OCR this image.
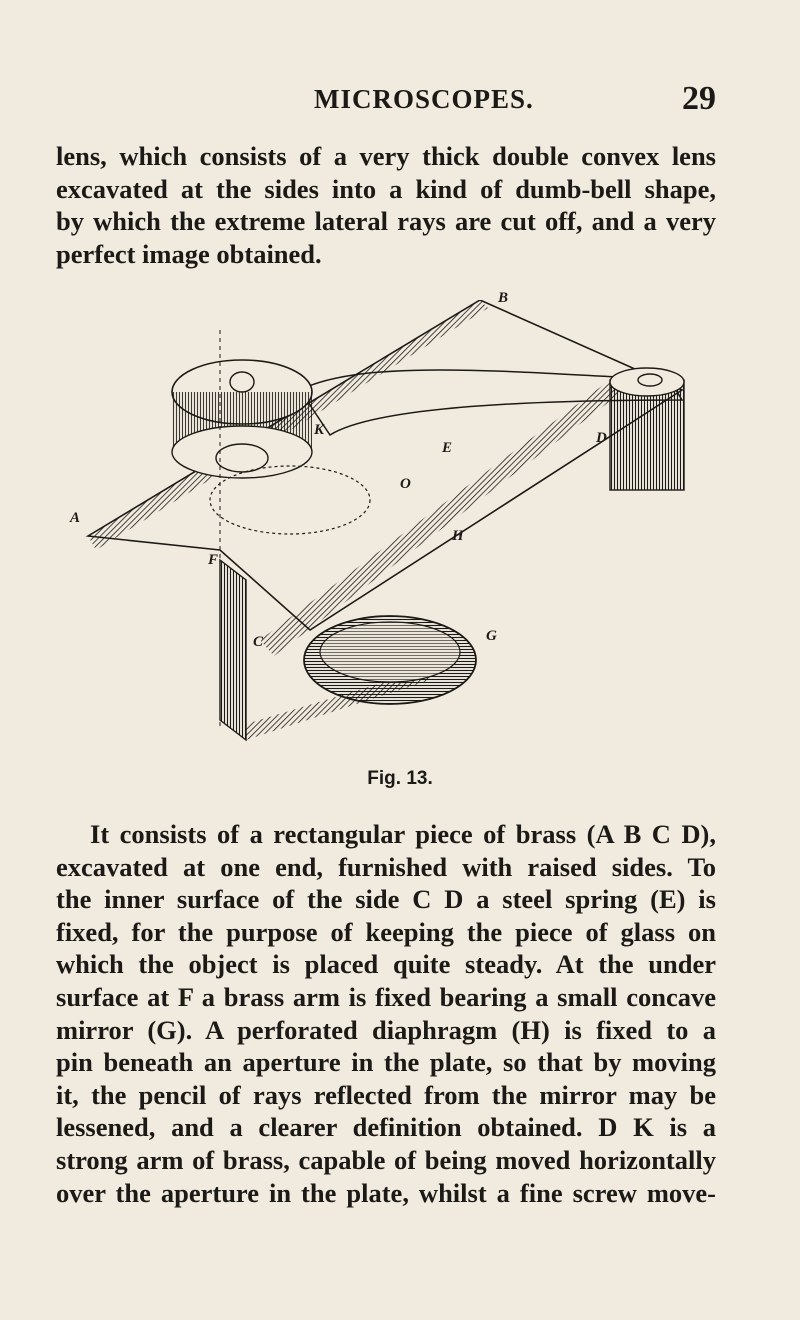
MICROSCOPES.	29
lens, which consists of a very thick double convex lens
excavated at the sides into a kind of dumb-bell shape,
by which the extreme lateral rays are cut off, and a very
perfect image obtained.
A
B
C
D
E
F
G
H
K
O
Fig. 13.
It consists of a rectangular piece of brass (A B C D),
excavated at one end, furnished with raised sides. To
the inner surface of the side C D a steel spring (E) is
fixed, for the purpose of keeping the piece of glass on
which the object is placed quite steady. At the under
surface at F a brass arm is fixed bearing a small concave
mirror (G). A perforated diaphragm (H) is fixed to a
pin beneath an aperture in the plate, so that by moving
it, the pencil of rays reflected from the mirror may be
lessened, and a clearer definition obtained. D K is a
strong arm of brass, capable of being moved horizontally
over the aperture in the plate, whilst a fine screw move-
